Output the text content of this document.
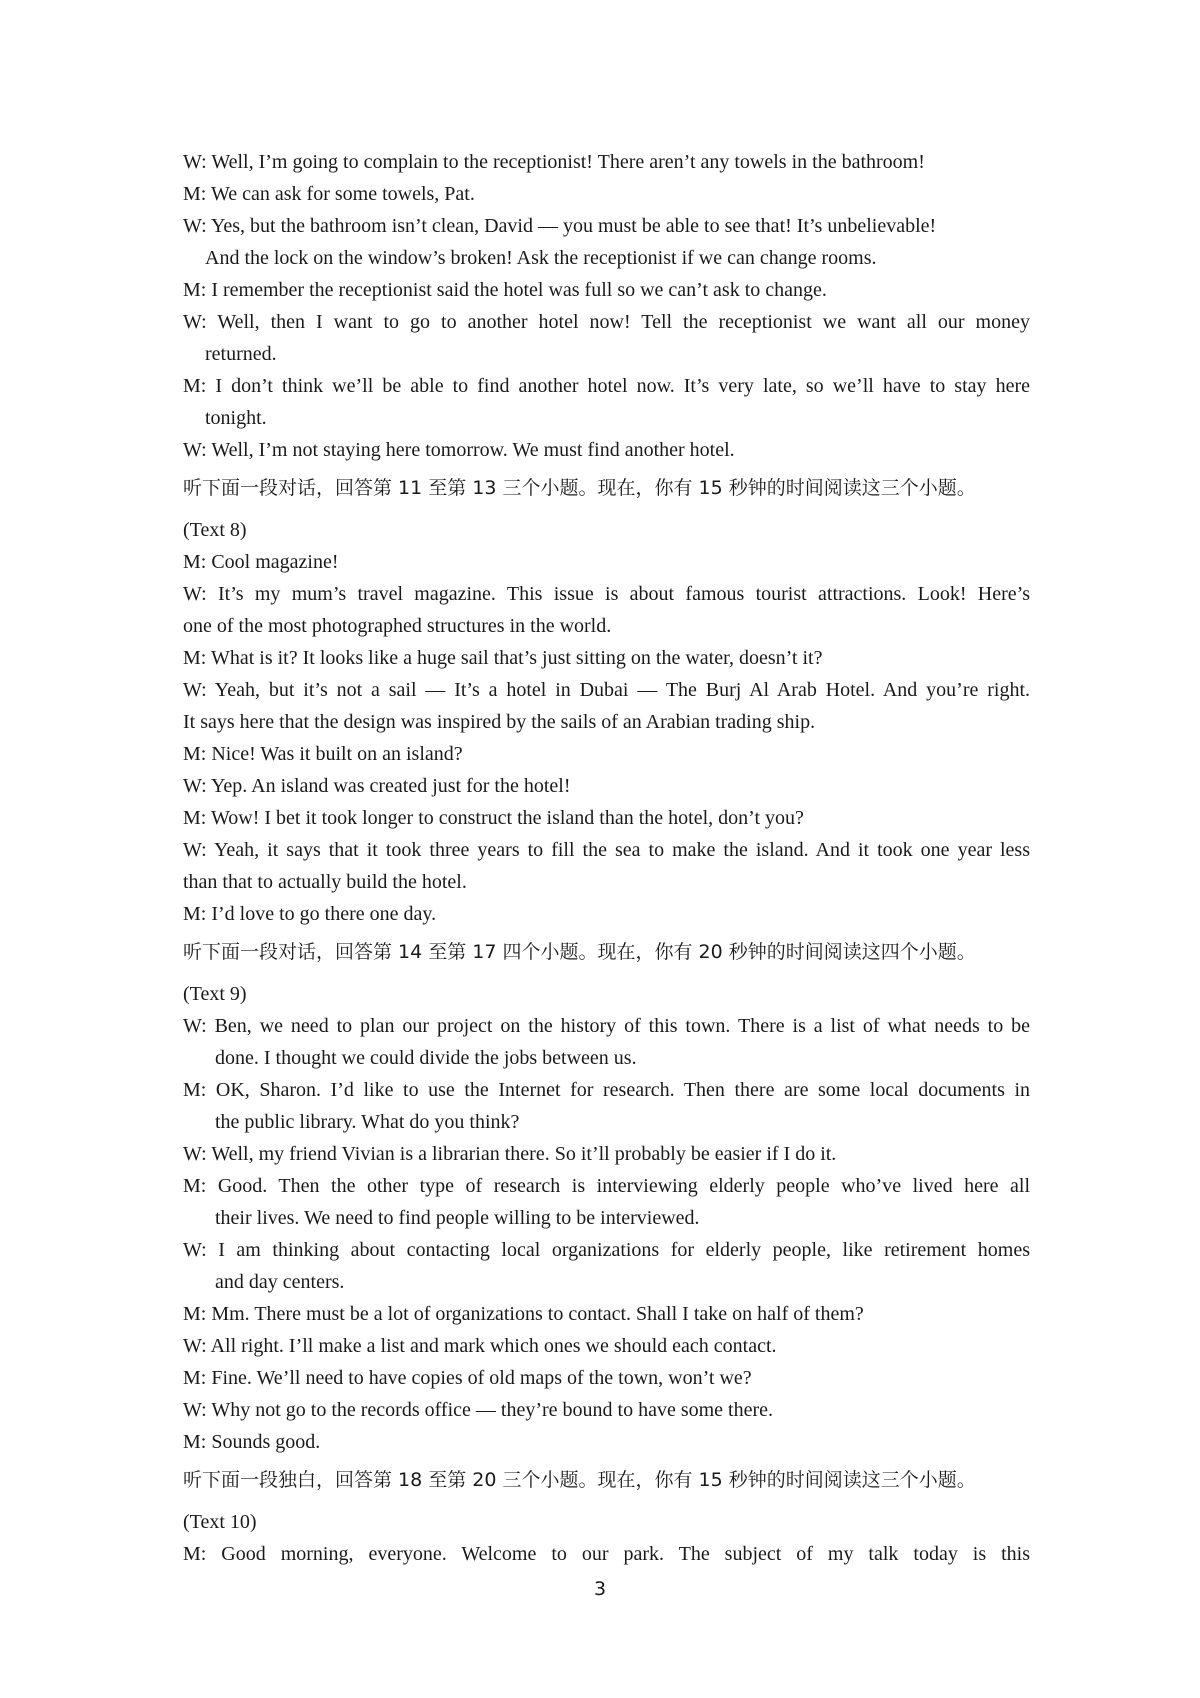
W: Well, I’m going to complain to the receptionist! There aren’t any towels in the bathroom!
M: We can ask for some towels, Pat.
W: Yes, but the bathroom isn’t clean, David — you must be able to see that! It’s unbelievable!
And the lock on the window’s broken! Ask the receptionist if we can change rooms.
M: I remember the receptionist said the hotel was full so we can’t ask to change.
W: Well, then I want to go to another hotel now! Tell the receptionist we want all our money
returned.
M: I don’t think we’ll be able to find another hotel now. It’s very late, so we’ll have to stay here
tonight.
W: Well, I’m not staying here tomorrow. We must find another hotel.
听下面一段对话，回答第 11 至第 13 三个小题。现在，你有 15 秒钟的时间阅读这三个小题。
(Text 8)
M: Cool magazine!
W: It’s my mum’s travel magazine. This issue is about famous tourist attractions. Look! Here’s
one of the most photographed structures in the world.
M: What is it? It looks like a huge sail that’s just sitting on the water, doesn’t it?
W: Yeah, but it’s not a sail — It’s a hotel in Dubai — The Burj Al Arab Hotel. And you’re right.
It says here that the design was inspired by the sails of an Arabian trading ship.
M: Nice! Was it built on an island?
W: Yep. An island was created just for the hotel!
M: Wow! I bet it took longer to construct the island than the hotel, don’t you?
W: Yeah, it says that it took three years to fill the sea to make the island. And it took one year less
than that to actually build the hotel.
M: I’d love to go there one day.
听下面一段对话，回答第 14 至第 17 四个小题。现在，你有 20 秒钟的时间阅读这四个小题。
(Text 9)
W: Ben, we need to plan our project on the history of this town. There is a list of what needs to be
done. I thought we could divide the jobs between us.
M: OK, Sharon. I’d like to use the Internet for research. Then there are some local documents in
the public library. What do you think?
W: Well, my friend Vivian is a librarian there. So it’ll probably be easier if I do it.
M: Good. Then the other type of research is interviewing elderly people who’ve lived here all
their lives. We need to find people willing to be interviewed.
W: I am thinking about contacting local organizations for elderly people, like retirement homes
and day centers.
M: Mm. There must be a lot of organizations to contact. Shall I take on half of them?
W: All right. I’ll make a list and mark which ones we should each contact.
M: Fine. We’ll need to have copies of old maps of the town, won’t we?
W: Why not go to the records office — they’re bound to have some there.
M: Sounds good.
听下面一段独白，回答第 18 至第 20 三个小题。现在，你有 15 秒钟的时间阅读这三个小题。
(Text 10)
M: Good morning, everyone. Welcome to our park. The subject of my talk today is this
3
